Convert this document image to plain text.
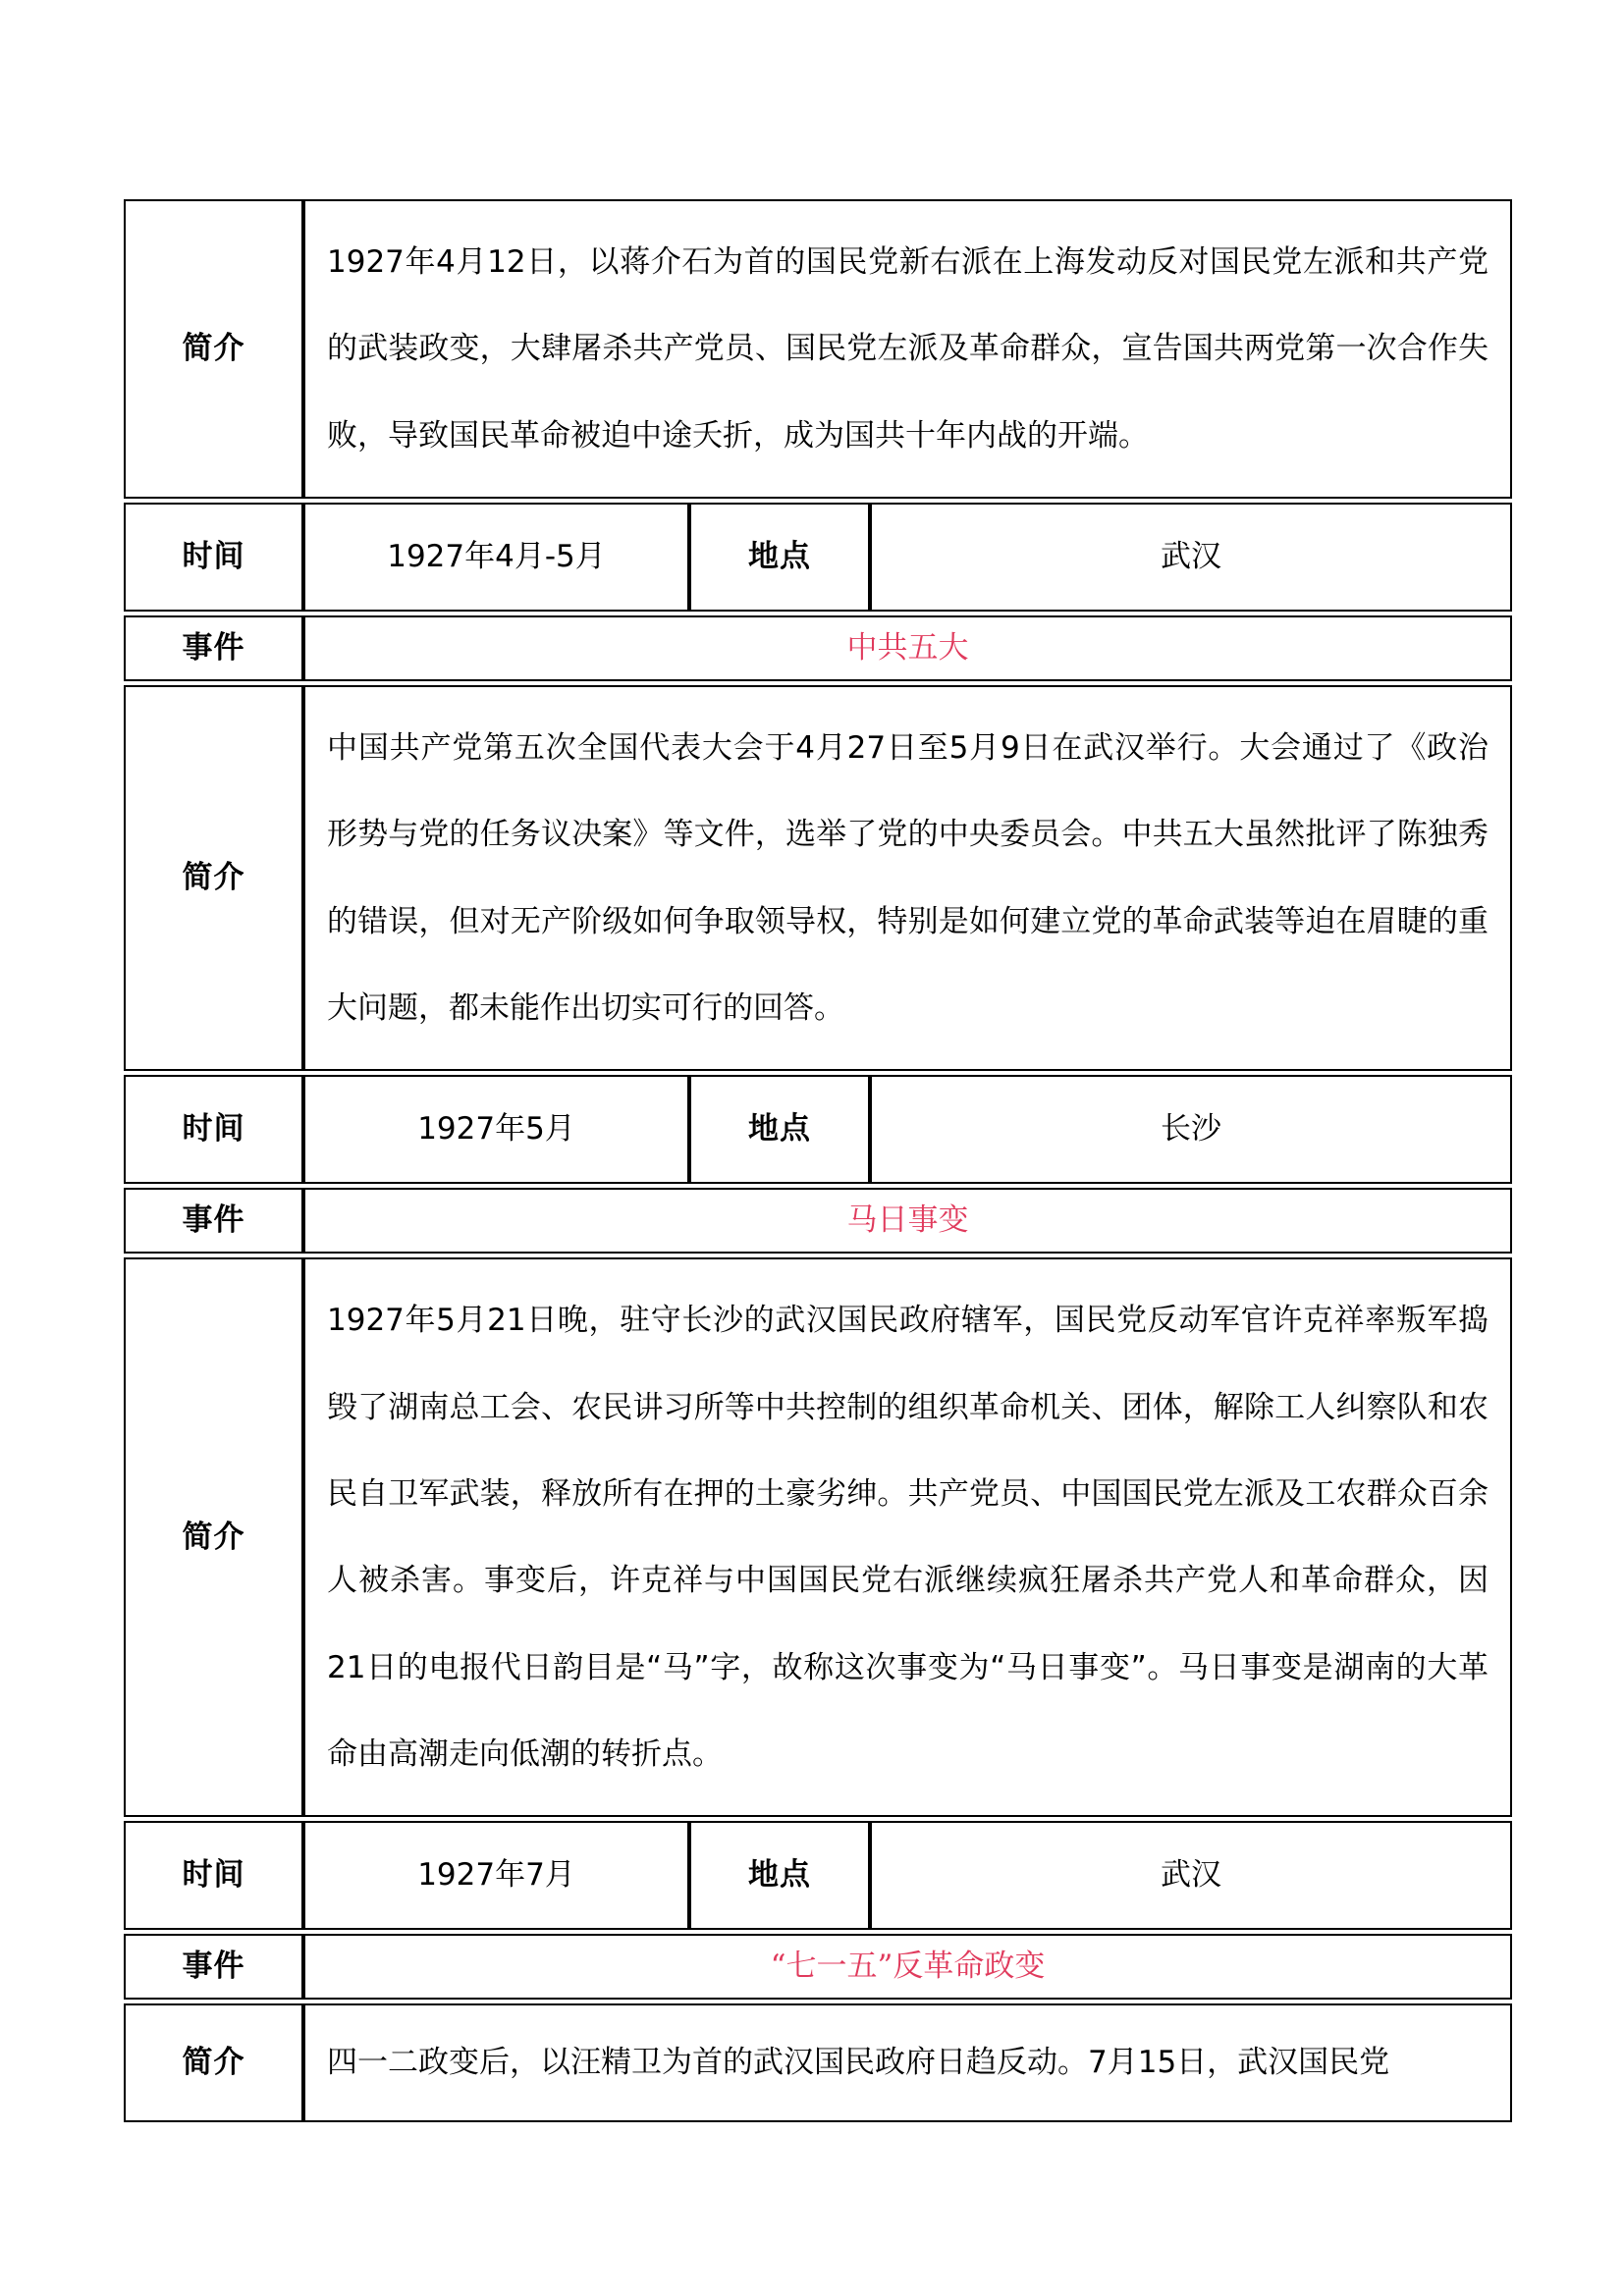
简介	1927年4月12日，以蒋介石为首的国民党新右派在上海发动反对国民党左派和共产党的武装政变，大肆屠杀共产党员、国民党左派及革命群众，宣告国共两党第一次合作失败，导致国民革命被迫中途夭折，成为国共十年内战的开端。		

时间	1927年4月-5月	地点	武汉

事件	中共五大		

简介	中国共产党第五次全国代表大会于4月27日至5月9日在武汉举行。大会通过了《政治形势与党的任务议决案》等文件，选举了党的中央委员会。中共五大虽然批评了陈独秀的错误，但对无产阶级如何争取领导权，特别是如何建立党的革命武装等迫在眉睫的重大问题，都未能作出切实可行的回答。		

时间	1927年5月	地点	长沙

事件	马日事变		

简介	1927年5月21日晚，驻守长沙的武汉国民政府辖军，国民党反动军官许克祥率叛军捣毁了湖南总工会、农民讲习所等中共控制的组织革命机关、团体，解除工人纠察队和农民自卫军武装，释放所有在押的土豪劣绅。共产党员、中国国民党左派及工农群众百余人被杀害。事变后，许克祥与中国国民党右派继续疯狂屠杀共产党人和革命群众，因21日的电报代日韵目是“马”字，故称这次事变为“马日事变”。马日事变是湖南的大革命由高潮走向低潮的转折点。		

时间	1927年7月	地点	武汉

事件	“七一五”反革命政变		

简介	四一二政变后，以汪精卫为首的武汉国民政府日趋反动。7月15日，武汉国民党		
